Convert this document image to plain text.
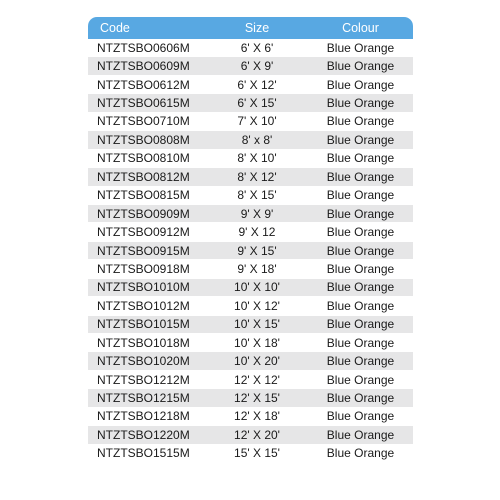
Code	Size	Colour
NTZTSBO0606M	6' X 6'	Blue Orange
NTZTSBO0609M	6' X 9'	Blue Orange
NTZTSBO0612M	6' X 12'	Blue Orange
NTZTSBO0615M	6' X 15'	Blue Orange
NTZTSBO0710M	7' X 10'	Blue Orange
NTZTSBO0808M	8' x 8'	Blue Orange
NTZTSBO0810M	8' X 10'	Blue Orange
NTZTSBO0812M	8' X 12'	Blue Orange
NTZTSBO0815M	8' X 15'	Blue Orange
NTZTSBO0909M	9' X 9'	Blue Orange
NTZTSBO0912M	9' X 12	Blue Orange
NTZTSBO0915M	9' X 15'	Blue Orange
NTZTSBO0918M	9' X 18'	Blue Orange
NTZTSBO1010M	10' X 10'	Blue Orange
NTZTSBO1012M	10' X 12'	Blue Orange
NTZTSBO1015M	10' X 15'	Blue Orange
NTZTSBO1018M	10' X 18'	Blue Orange
NTZTSBO1020M	10' X 20'	Blue Orange
NTZTSBO1212M	12' X 12'	Blue Orange
NTZTSBO1215M	12' X 15'	Blue Orange
NTZTSBO1218M	12' X 18'	Blue Orange
NTZTSBO1220M	12' X 20'	Blue Orange
NTZTSBO1515M	15' X 15'	Blue Orange
